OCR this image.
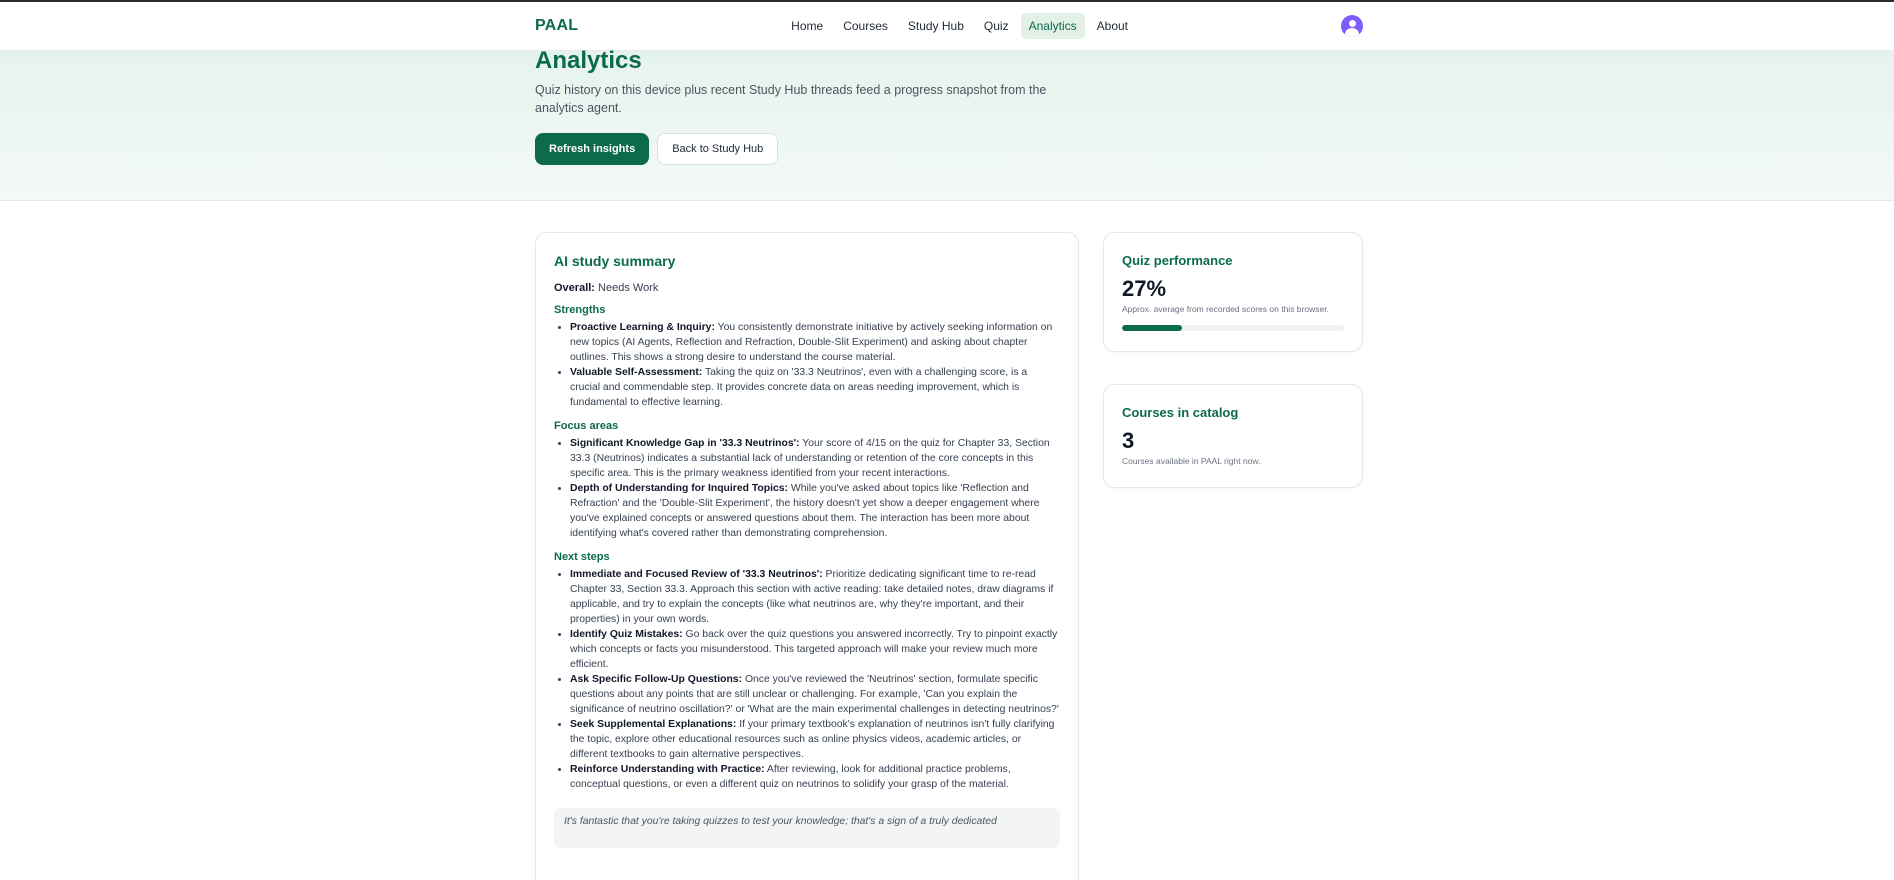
PAAL	Home	Courses	Study Hub	Quiz	Analytics	About
Analytics

Quiz history on this device plus recent Study Hub threads feed a progress snapshot from the analytics agent.

Refresh insights	Back to Study Hub
AI study summary
Overall: Needs Work
Strengths
• Proactive Learning & Inquiry: You consistently demonstrate initiative by actively seeking information on new topics (AI Agents, Reflection and Refraction, Double-Slit Experiment) and asking about chapter outlines. This shows a strong desire to understand the course material.
• Valuable Self-Assessment: Taking the quiz on '33.3 Neutrinos', even with a challenging score, is a crucial and commendable step. It provides concrete data on areas needing improvement, which is fundamental to effective learning.
Focus areas
• Significant Knowledge Gap in '33.3 Neutrinos': Your score of 4/15 on the quiz for Chapter 33, Section 33.3 (Neutrinos) indicates a substantial lack of understanding or retention of the core concepts in this specific area. This is the primary weakness identified from your recent interactions.
• Depth of Understanding for Inquired Topics: While you've asked about topics like 'Reflection and Refraction' and the 'Double-Slit Experiment', the history doesn't yet show a deeper engagement where you've explained concepts or answered questions about them. The interaction has been more about identifying what's covered rather than demonstrating comprehension.
Next steps
• Immediate and Focused Review of '33.3 Neutrinos': Prioritize dedicating significant time to re-read Chapter 33, Section 33.3. Approach this section with active reading: take detailed notes, draw diagrams if applicable, and try to explain the concepts (like what neutrinos are, why they're important, and their properties) in your own words.
• Identify Quiz Mistakes: Go back over the quiz questions you answered incorrectly. Try to pinpoint exactly which concepts or facts you misunderstood. This targeted approach will make your review much more efficient.
• Ask Specific Follow-Up Questions: Once you've reviewed the 'Neutrinos' section, formulate specific questions about any points that are still unclear or challenging. For example, 'Can you explain the significance of neutrino oscillation?' or 'What are the main experimental challenges in detecting neutrinos?'
• Seek Supplemental Explanations: If your primary textbook's explanation of neutrinos isn't fully clarifying the topic, explore other educational resources such as online physics videos, academic articles, or different textbooks to gain alternative perspectives.
• Reinforce Understanding with Practice: After reviewing, look for additional practice problems, conceptual questions, or even a different quiz on neutrinos to solidify your grasp of the material.
It's fantastic that you're taking quizzes to test your knowledge; that's a sign of a truly dedicated
Quiz performance
27%
Approx. average from recorded scores on this browser.
Courses in catalog
3
Courses available in PAAL right now.
